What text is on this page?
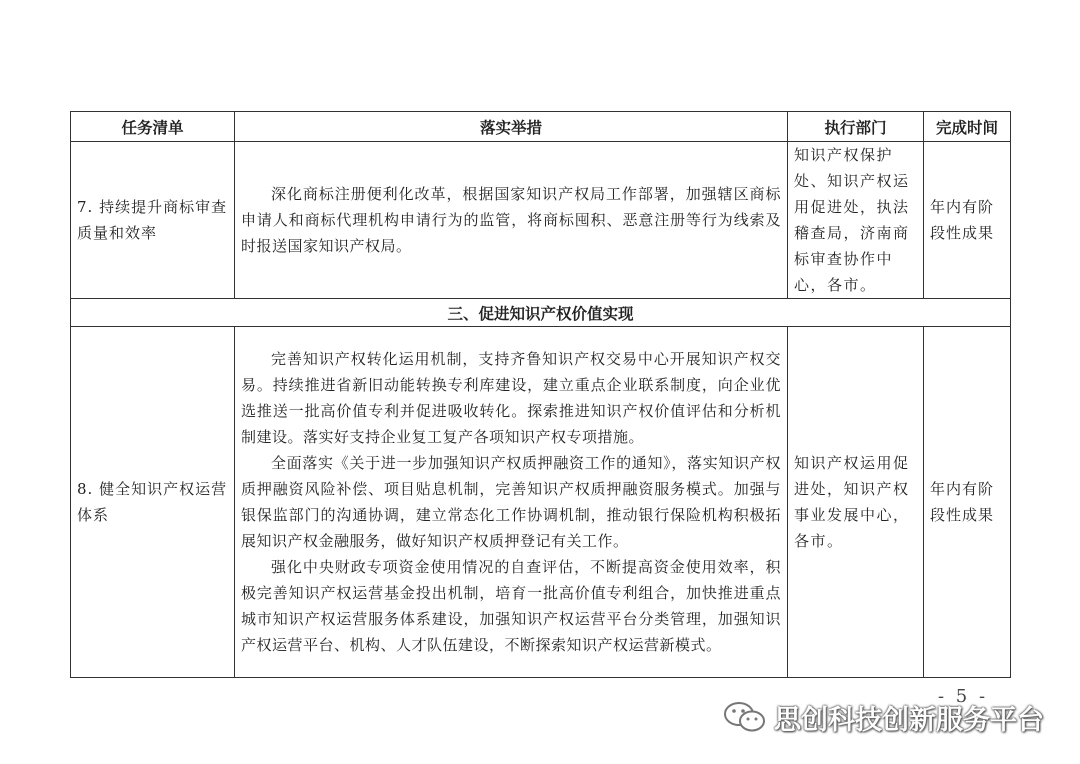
任务清单	落实举措	执行部门	完成时间
7. 持续提升商标审查质量和效率	深化商标注册便利化改革，根据国家知识产权局工作部署，加强辖区商标申请人和商标代理机构申请行为的监管，将商标囤积、恶意注册等行为线索及时报送国家知识产权局。	知识产权保护处、知识产权运用促进处，执法稽查局，济南商标审查协作中心，各市。	年内有阶段性成果
三、促进知识产权价值实现			
8. 健全知识产权运营体系	完善知识产权转化运用机制，支持齐鲁知识产权交易中心开展知识产权交易。持续推进省新旧动能转换专利库建设，建立重点企业联系制度，向企业优选推送一批高价值专利并促进吸收转化。探索推进知识产权价值评估和分析机制建设。落实好支持企业复工复产各项知识产权专项措施。

全面落实《关于进一步加强知识产权质押融资工作的通知》，落实知识产权质押融资风险补偿、项目贴息机制，完善知识产权质押融资服务模式。加强与银保监部门的沟通协调，建立常态化工作协调机制，推动银行保险机构积极拓展知识产权金融服务，做好知识产权质押登记有关工作。

强化中央财政专项资金使用情况的自查评估，不断提高资金使用效率，积极完善知识产权运营基金投出机制，培育一批高价值专利组合，加快推进重点城市知识产权运营服务体系建设，加强知识产权运营平台分类管理，加强知识产权运营平台、机构、人才队伍建设，不断探索知识产权运营新模式。	知识产权运用促进处，知识产权事业发展中心，各市。	年内有阶段性成果
- 5 -
思创科技创新服务平台
